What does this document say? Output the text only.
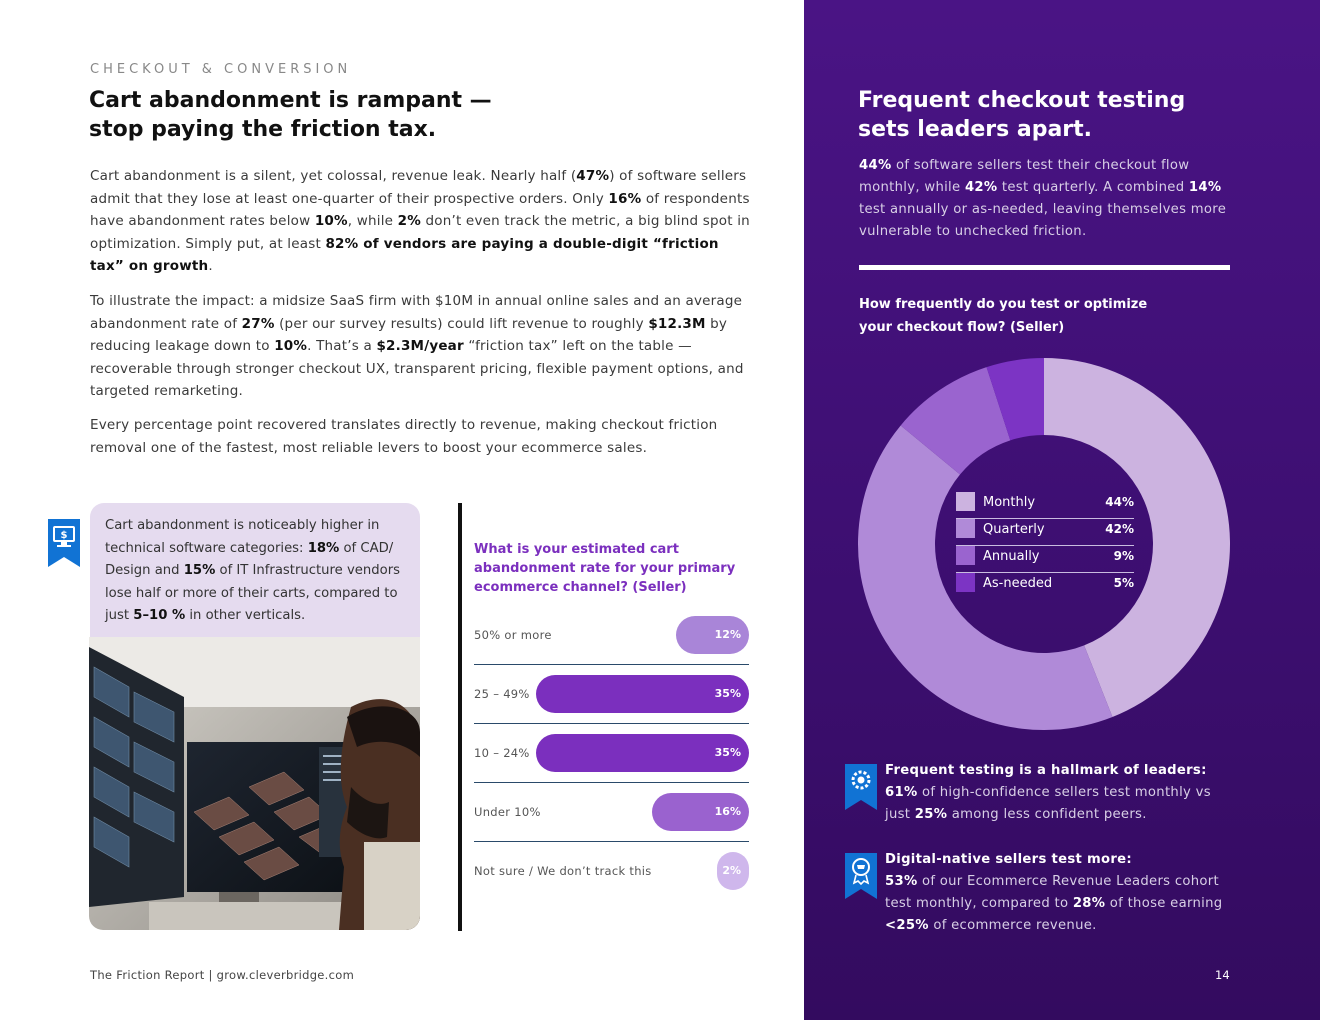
CHECKOUT & CONVERSION
Cart abandonment is rampant —
stop paying the friction tax.
Cart abandonment is a silent, yet colossal, revenue leak. Nearly half (47%) of software sellers admit that they lose at least one-quarter of their prospective orders. Only 16% of respondents have abandonment rates below 10%, while 2% don’t even track the metric, a big blind spot in optimization. Simply put, at least 82% of vendors are paying a double-digit “friction tax” on growth.
To illustrate the impact: a midsize SaaS firm with $10M in annual online sales and an average abandonment rate of 27% (per our survey results) could lift revenue to roughly $12.3M by reducing leakage down to 10%. That’s a $2.3M/year “friction tax” left on the table — recoverable through stronger checkout UX, transparent pricing, flexible payment options, and targeted remarketing.
Every percentage point recovered translates directly to revenue, making checkout friction removal one of the fastest, most reliable levers to boost your ecommerce sales.
$
Cart abandonment is noticeably higher in technical software categories: 18% of CAD/ Design and 15% of IT Infrastructure vendors lose half or more of their carts, compared to just 5–10 % in other verticals.
What is your estimated cart abandonment rate for your primary ecommerce channel? (Seller)
50% or more	12%
25 – 49%	35%
10 – 24%	35%
Under 10%	16%
Not sure / We don’t track this	2%
The Friction Report | grow.cleverbridge.com
Frequent checkout testing
sets leaders apart.
44% of software sellers test their checkout flow monthly, while 42% test quarterly. A combined 14% test annually or as-needed, leaving themselves more vulnerable to unchecked friction.
How frequently do you test or optimize
your checkout flow? (Seller)
Monthly	44%
Quarterly	42%
Annually	9%
As-needed	5%
Frequent testing is a hallmark of leaders:
61% of high-confidence sellers test monthly vs just 25% among less confident peers.
Digital-native sellers test more:
53% of our Ecommerce Revenue Leaders cohort test monthly, compared to 28% of those earning <25% of ecommerce revenue.
14
